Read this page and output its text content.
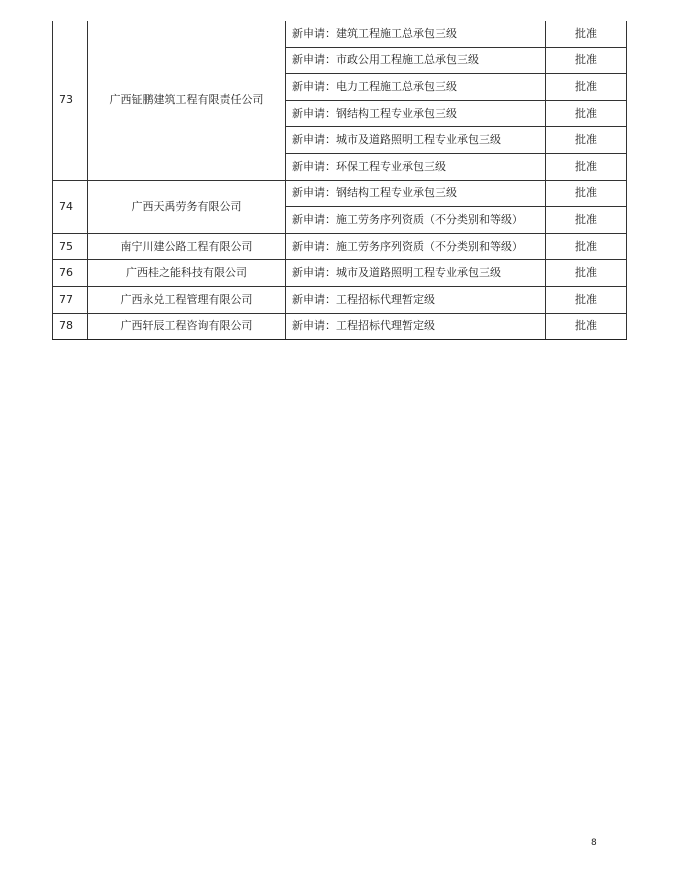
73	广西钲鹏建筑工程有限责任公司	新申请：建筑工程施工总承包三级	批准
		新申请：市政公用工程施工总承包三级	批准
		新申请：电力工程施工总承包三级	批准
		新申请：钢结构工程专业承包三级	批准
		新申请：城市及道路照明工程专业承包三级	批准
		新申请：环保工程专业承包三级	批准
74	广西天禹劳务有限公司	新申请：钢结构工程专业承包三级	批准
		新申请：施工劳务序列资质（不分类别和等级）	批准
75	南宁川建公路工程有限公司	新申请：施工劳务序列资质（不分类别和等级）	批准
76	广西桂之能科技有限公司	新申请：城市及道路照明工程专业承包三级	批准
77	广西永兑工程管理有限公司	新申请：工程招标代理暂定级	批准
78	广西轩辰工程咨询有限公司	新申请：工程招标代理暂定级	批准
8
